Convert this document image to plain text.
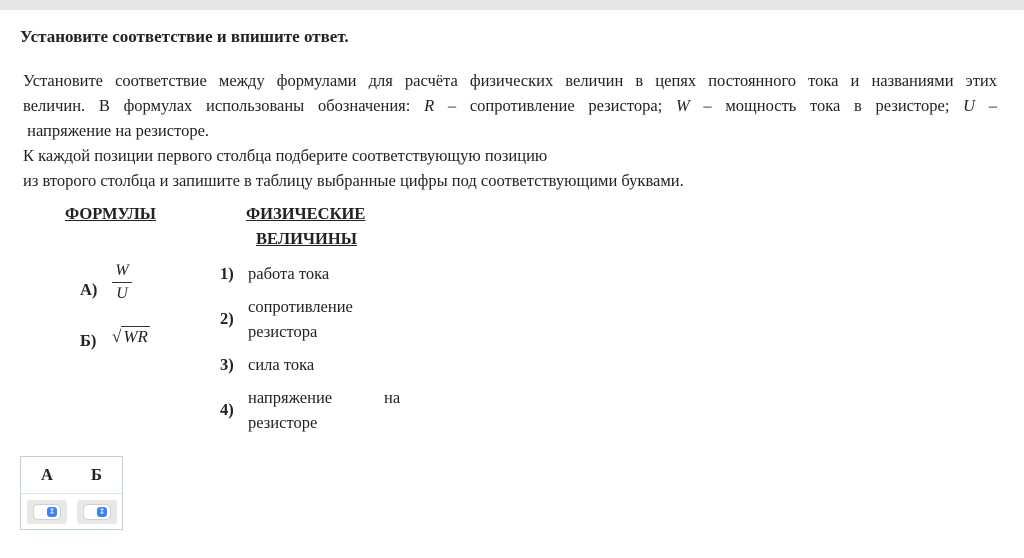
Установите соответствие и впишите ответ.
Установите соответствие между формулами для расчёта физических величин в цепях постоянного тока и названиями этих
величин. В формулах использованы обозначения: R – сопротивление резистора; W – мощность тока в резисторе; U –
напряжение на резисторе.
К каждой позиции первого столбца подберите соответствующую позицию
из второго столбца и запишите в таблицу выбранные цифры под соответствующими буквами.
ФОРМУЛЫ
А)
W
U
Б) √ WR
ФИЗИЧЕСКИЕ
ВЕЛИЧИНЫ
1) работа тока
2)
сопротивление
резистора
3) сила тока
4)
напряжение	на
резисторе
А Б
⇕	⇕
